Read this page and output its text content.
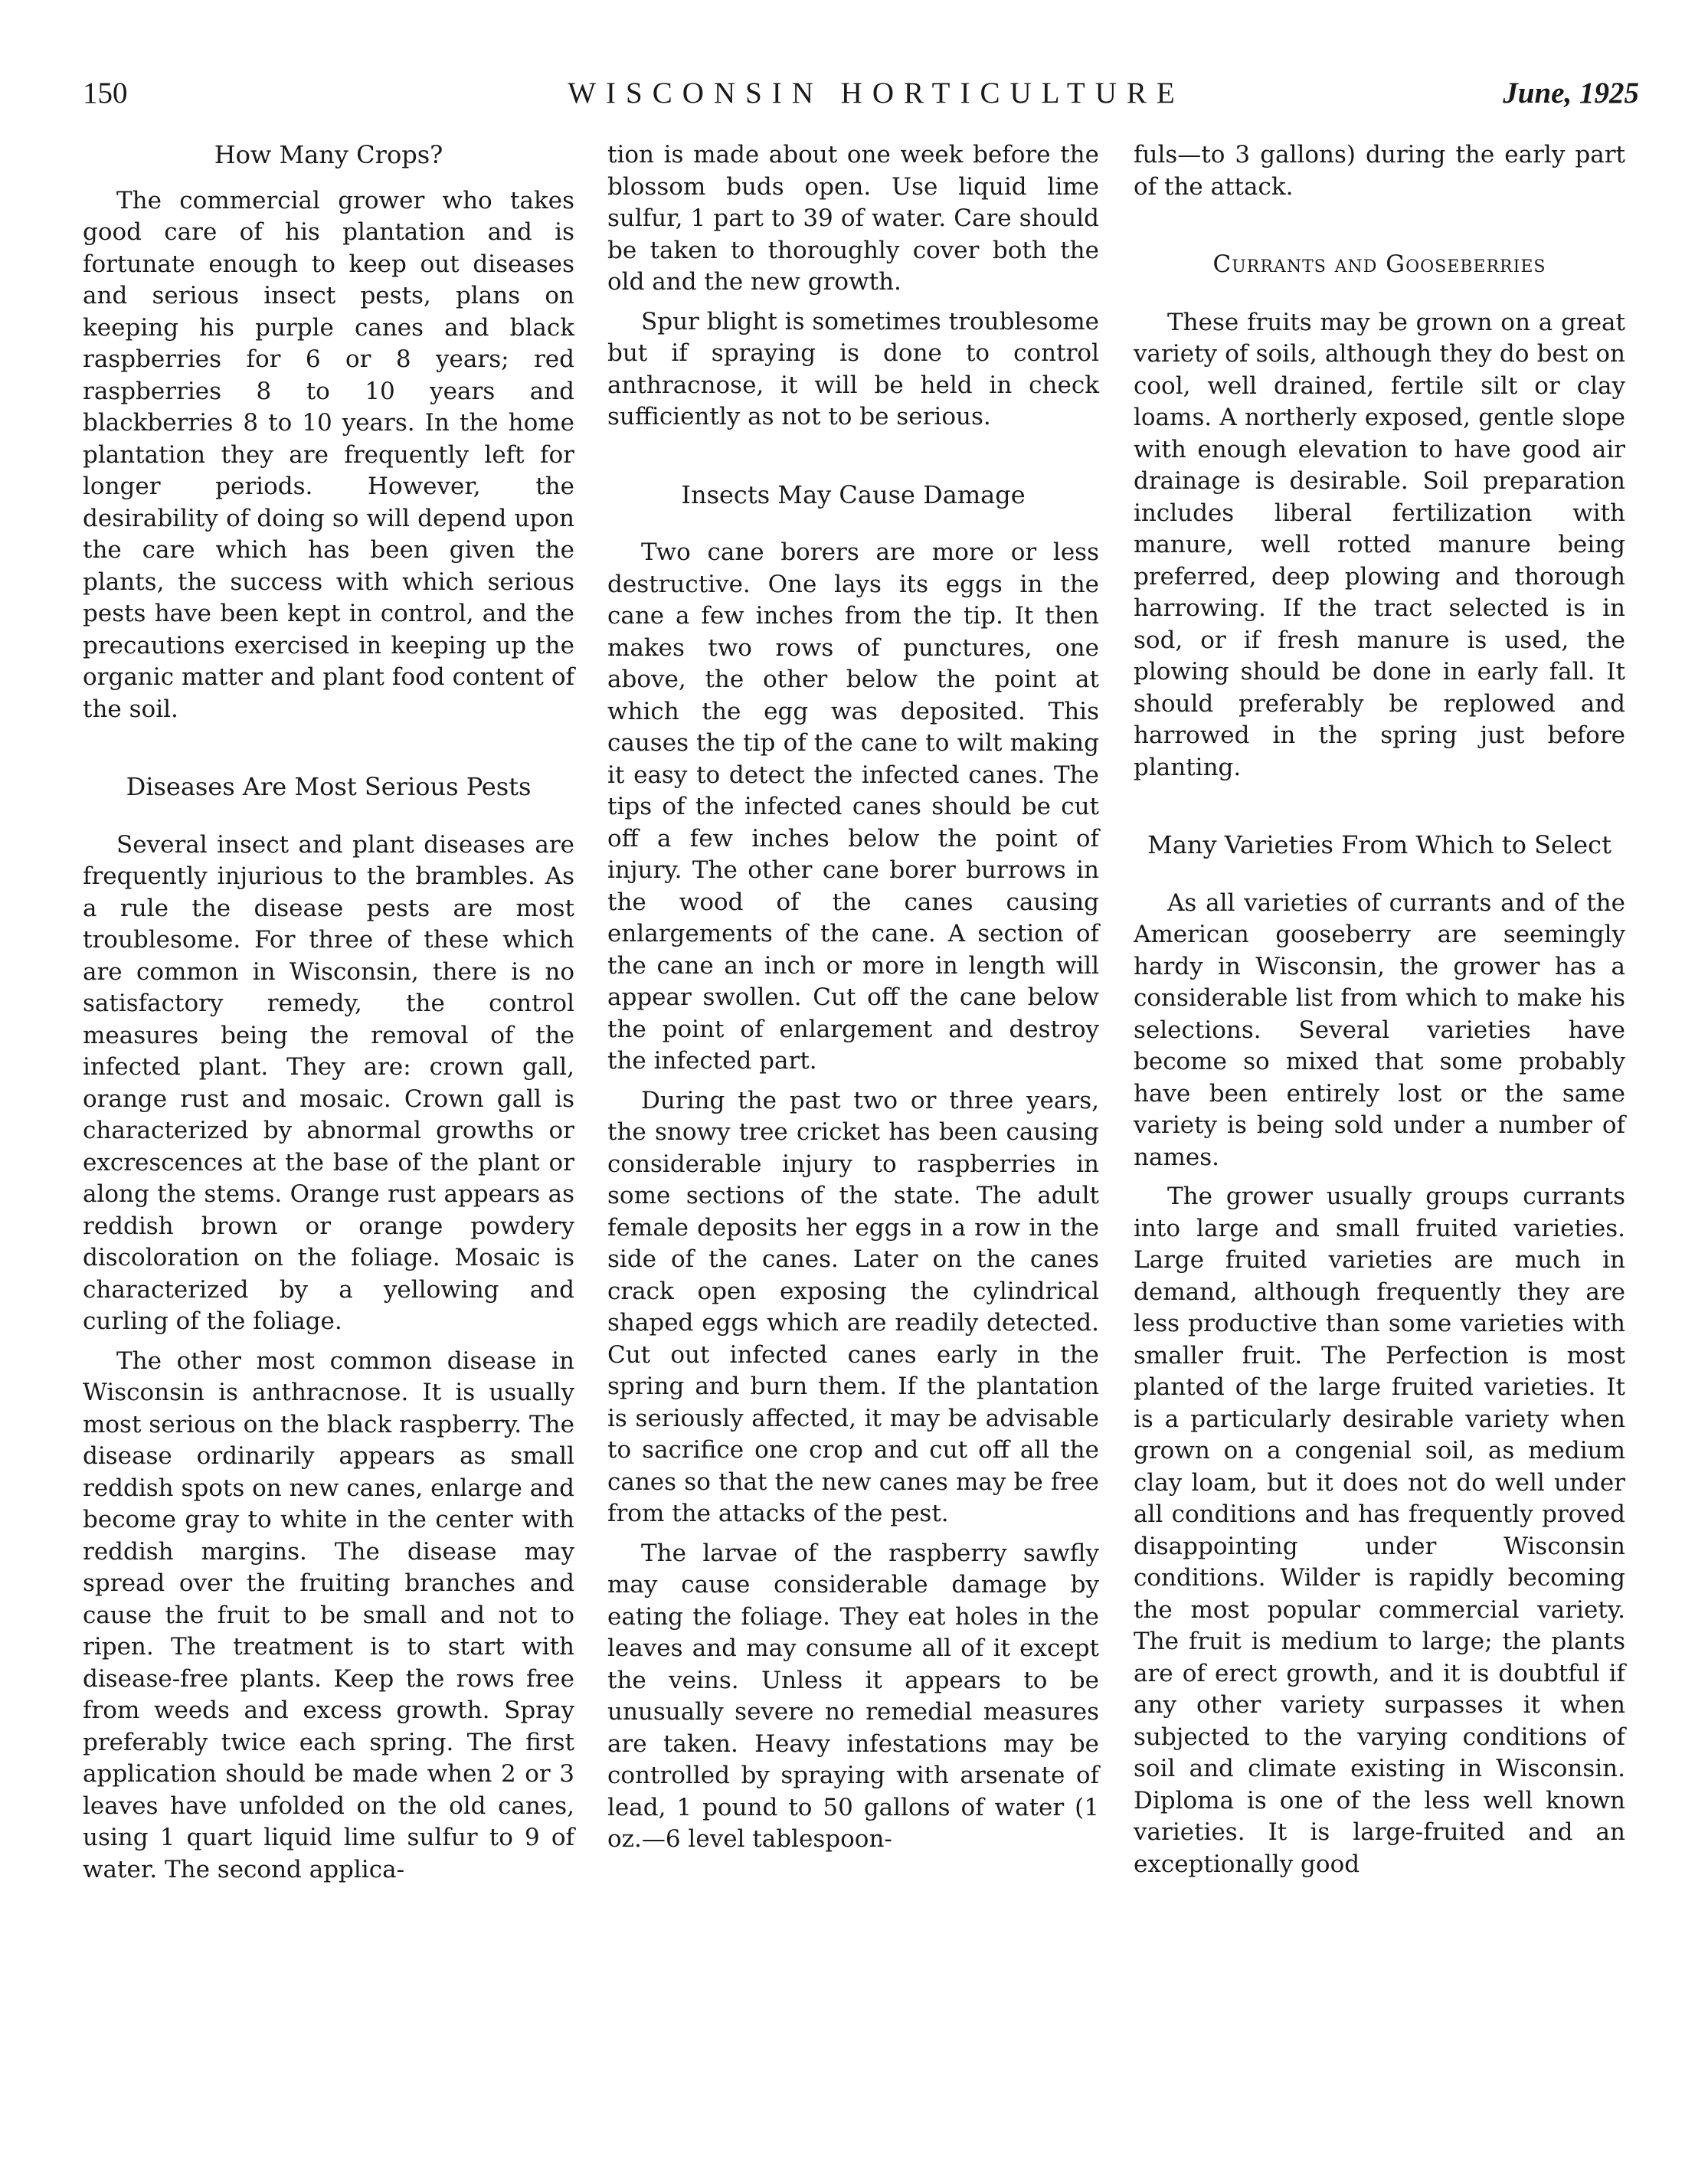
150	WISCONSIN HORTICULTURE	June, 1925
How Many Crops?

The commercial grower who takes good care of his plantation and is fortunate enough to keep out diseases and serious insect pests, plans on keeping his purple canes and black raspberries for 6 or 8 years; red raspberries 8 to 10 years and blackberries 8 to 10 years. In the home plantation they are frequently left for longer periods. However, the desirability of doing so will depend upon the care which has been given the plants, the success with which serious pests have been kept in control, and the precautions exercised in keeping up the organic matter and plant food content of the soil.

Diseases Are Most Serious Pests

Several insect and plant diseases are frequently injurious to the brambles. As a rule the disease pests are most troublesome. For three of these which are common in Wisconsin, there is no satisfactory remedy, the control measures being the removal of the infected plant. They are: crown gall, orange rust and mosaic. Crown gall is characterized by abnormal growths or excrescences at the base of the plant or along the stems. Orange rust appears as reddish brown or orange powdery discoloration on the foliage. Mosaic is characterized by a yellowing and curling of the foliage.

The other most common disease in Wisconsin is anthracnose. It is usually most serious on the black raspberry. The disease ordinarily appears as small reddish spots on new canes, enlarge and become gray to white in the center with reddish margins. The disease may spread over the fruiting branches and cause the fruit to be small and not to ripen. The treatment is to start with disease-free plants. Keep the rows free from weeds and excess growth. Spray preferably twice each spring. The first application should be made when 2 or 3 leaves have unfolded on the old canes, using 1 quart liquid lime sulfur to 9 of water. The second applica-

tion is made about one week before the blossom buds open. Use liquid lime sulfur, 1 part to 39 of water. Care should be taken to thoroughly cover both the old and the new growth.

Spur blight is sometimes troublesome but if spraying is done to control anthracnose, it will be held in check sufficiently as not to be serious.

Insects May Cause Damage

Two cane borers are more or less destructive. One lays its eggs in the cane a few inches from the tip. It then makes two rows of punctures, one above, the other below the point at which the egg was deposited. This causes the tip of the cane to wilt making it easy to detect the infected canes. The tips of the infected canes should be cut off a few inches below the point of injury. The other cane borer burrows in the wood of the canes causing enlargements of the cane. A section of the cane an inch or more in length will appear swollen. Cut off the cane below the point of enlargement and destroy the infected part.

During the past two or three years, the snowy tree cricket has been causing considerable injury to raspberries in some sections of the state. The adult female deposits her eggs in a row in the side of the canes. Later on the canes crack open exposing the cylindrical shaped eggs which are readily detected. Cut out infected canes early in the spring and burn them. If the plantation is seriously affected, it may be advisable to sacrifice one crop and cut off all the canes so that the new canes may be free from the attacks of the pest.

The larvae of the raspberry sawfly may cause considerable damage by eating the foliage. They eat holes in the leaves and may consume all of it except the veins. Unless it appears to be unusually severe no remedial measures are taken. Heavy infestations may be controlled by spraying with arsenate of lead, 1 pound to 50 gallons of water (1 oz.—6 level tablespoon-

fuls—to 3 gallons) during the early part of the attack.

Currants and Gooseberries

These fruits may be grown on a great variety of soils, although they do best on cool, well drained, fertile silt or clay loams. A northerly exposed, gentle slope with enough elevation to have good air drainage is desirable. Soil preparation includes liberal fertilization with manure, well rotted manure being preferred, deep plowing and thorough harrowing. If the tract selected is in sod, or if fresh manure is used, the plowing should be done in early fall. It should preferably be replowed and harrowed in the spring just before planting.

Many Varieties From Which to Select

As all varieties of currants and of the American gooseberry are seemingly hardy in Wisconsin, the grower has a considerable list from which to make his selections. Several varieties have become so mixed that some probably have been entirely lost or the same variety is being sold under a number of names.

The grower usually groups currants into large and small fruited varieties. Large fruited varieties are much in demand, although frequently they are less productive than some varieties with smaller fruit. The Perfection is most planted of the large fruited varieties. It is a particularly desirable variety when grown on a congenial soil, as medium clay loam, but it does not do well under all conditions and has frequently proved disappointing under Wisconsin conditions. Wilder is rapidly becoming the most popular commercial variety. The fruit is medium to large; the plants are of erect growth, and it is doubtful if any other variety surpasses it when subjected to the varying conditions of soil and climate existing in Wisconsin. Diploma is one of the less well known varieties. It is large-fruited and an exceptionally good
